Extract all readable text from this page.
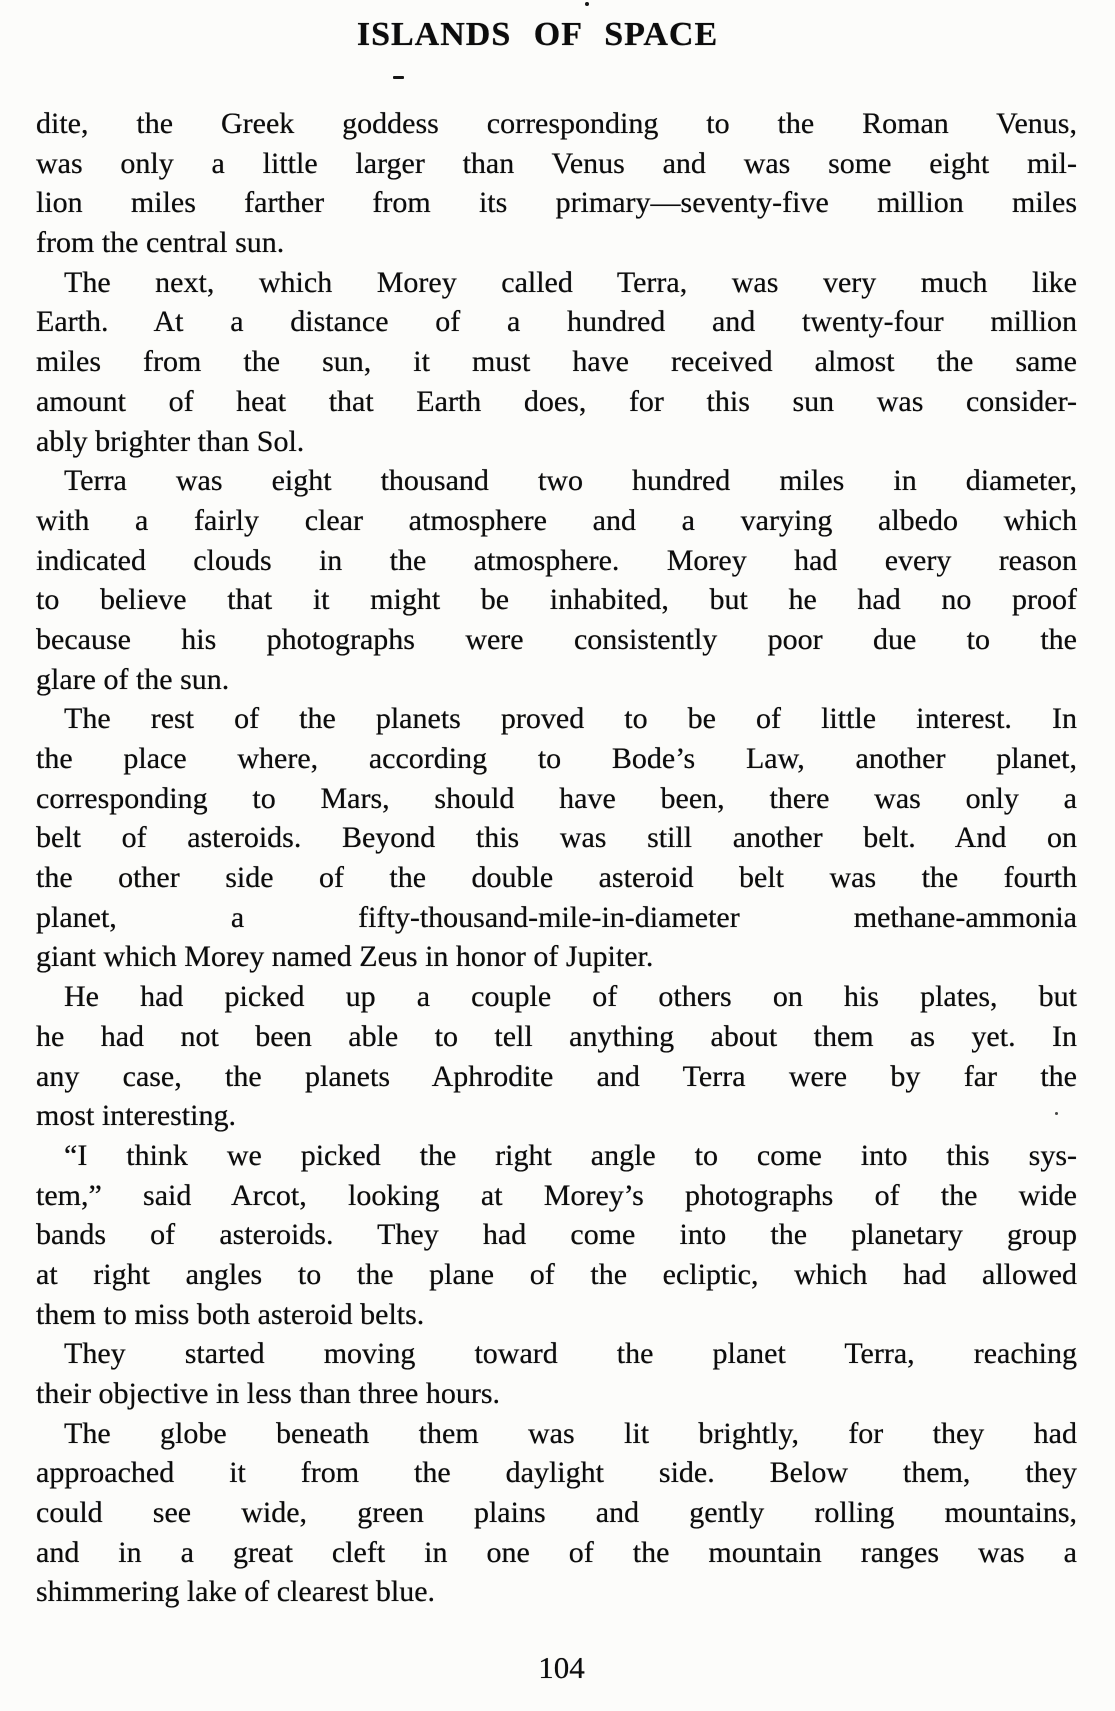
ISLANDS OF SPACE
dite, the Greek goddess corresponding to the Roman Venus,
was only a little larger than Venus and was some eight mil-
lion miles farther from its primary—seventy-five million miles
from the central sun.
The next, which Morey called Terra, was very much like
Earth. At a distance of a hundred and twenty-four million
miles from the sun, it must have received almost the same
amount of heat that Earth does, for this sun was consider-
ably brighter than Sol.
Terra was eight thousand two hundred miles in diameter,
with a fairly clear atmosphere and a varying albedo which
indicated clouds in the atmosphere. Morey had every reason
to believe that it might be inhabited, but he had no proof
because his photographs were consistently poor due to the
glare of the sun.
The rest of the planets proved to be of little interest. In
the place where, according to Bode’s Law, another planet,
corresponding to Mars, should have been, there was only a
belt of asteroids. Beyond this was still another belt. And on
the other side of the double asteroid belt was the fourth
planet, a fifty-thousand-mile-in-diameter methane-ammonia
giant which Morey named Zeus in honor of Jupiter.
He had picked up a couple of others on his plates, but
he had not been able to tell anything about them as yet. In
any case, the planets Aphrodite and Terra were by far the
most interesting.
“I think we picked the right angle to come into this sys-
tem,” said Arcot, looking at Morey’s photographs of the wide
bands of asteroids. They had come into the planetary group
at right angles to the plane of the ecliptic, which had allowed
them to miss both asteroid belts.
They started moving toward the planet Terra, reaching
their objective in less than three hours.
The globe beneath them was lit brightly, for they had
approached it from the daylight side. Below them, they
could see wide, green plains and gently rolling mountains,
and in a great cleft in one of the mountain ranges was a
shimmering lake of clearest blue.
104
